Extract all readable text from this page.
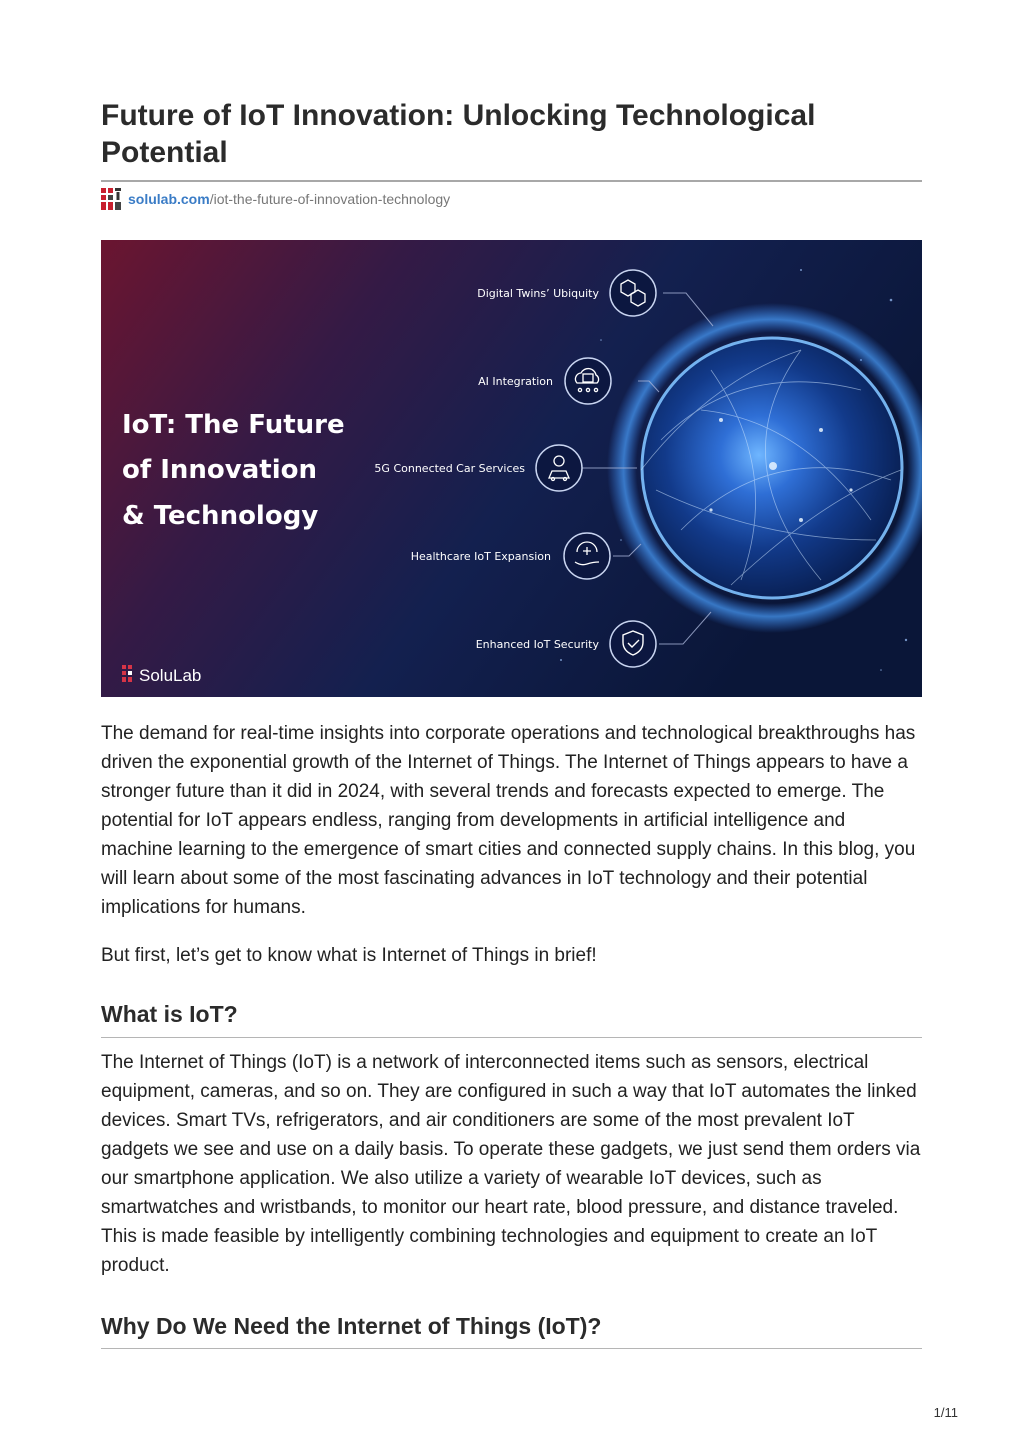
Future of IoT Innovation: Unlocking Technological Potential
solulab.com /iot-the-future-of-innovation-technology
IoT: The Future
of Innovation
& Technology
SoluLab
Digital Twins’ Ubiquity
AI Integration
5G Connected Car Services
Healthcare IoT Expansion
Enhanced IoT Security

The demand for real-time insights into corporate operations and technological breakthroughs has driven the exponential growth of the Internet of Things. The Internet of Things appears to have a stronger future than it did in 2024, with several trends and forecasts expected to emerge. The potential for IoT appears endless, ranging from developments in artificial intelligence and machine learning to the emergence of smart cities and connected supply chains. In this blog, you will learn about some of the most fascinating advances in IoT technology and their potential implications for humans.

But first, let’s get to know what is Internet of Things in brief!

What is IoT?

The Internet of Things (IoT) is a network of interconnected items such as sensors, electrical equipment, cameras, and so on. They are configured in such a way that IoT automates the linked devices. Smart TVs, refrigerators, and air conditioners are some of the most prevalent IoT gadgets we see and use on a daily basis. To operate these gadgets, we just send them orders via our smartphone application. We also utilize a variety of wearable IoT devices, such as smartwatches and wristbands, to monitor our heart rate, blood pressure, and distance traveled. This is made feasible by intelligently combining technologies and equipment to create an IoT product.

Why Do We Need the Internet of Things (IoT)?
1/11
